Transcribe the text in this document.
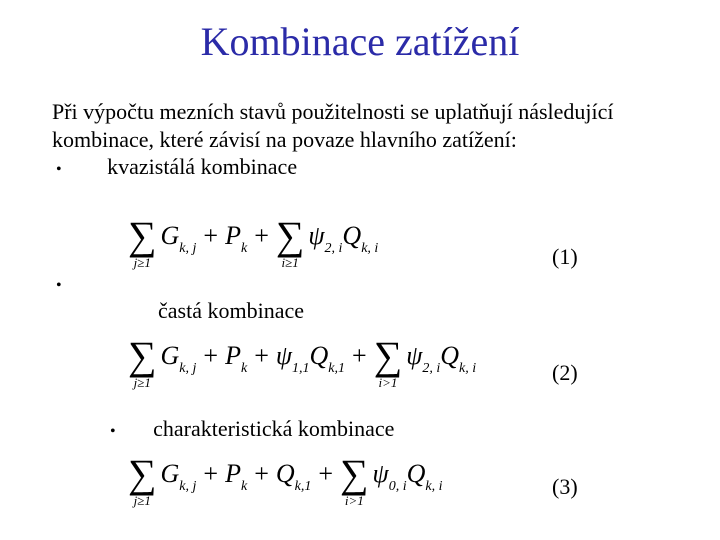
Kombinace zatížení
Při výpočtu mezních stavů použitelnosti se uplatňují následující kombinace, které závisí na povaze hlavního zatížení:
• kvazistálá kombinace
∑
j≥1
$G_{k, j} + P_k$ + ∑
i≥1
$\psi_{2, i}Q_{k, i}$	(1)
•
častá kombinace
∑
j≥1
$G_{k, j} + P_k + \psi_{1,1}Q_{k,1}$ + ∑
i>1
$\psi_{2, i}Q_{k, i}$	(2)
• charakteristická kombinace
∑
j≥1
$G_{k, j} + P_k + Q_{k,1}$ + ∑
i>1
$\psi_{0, i}Q_{k, i}$	(3)
